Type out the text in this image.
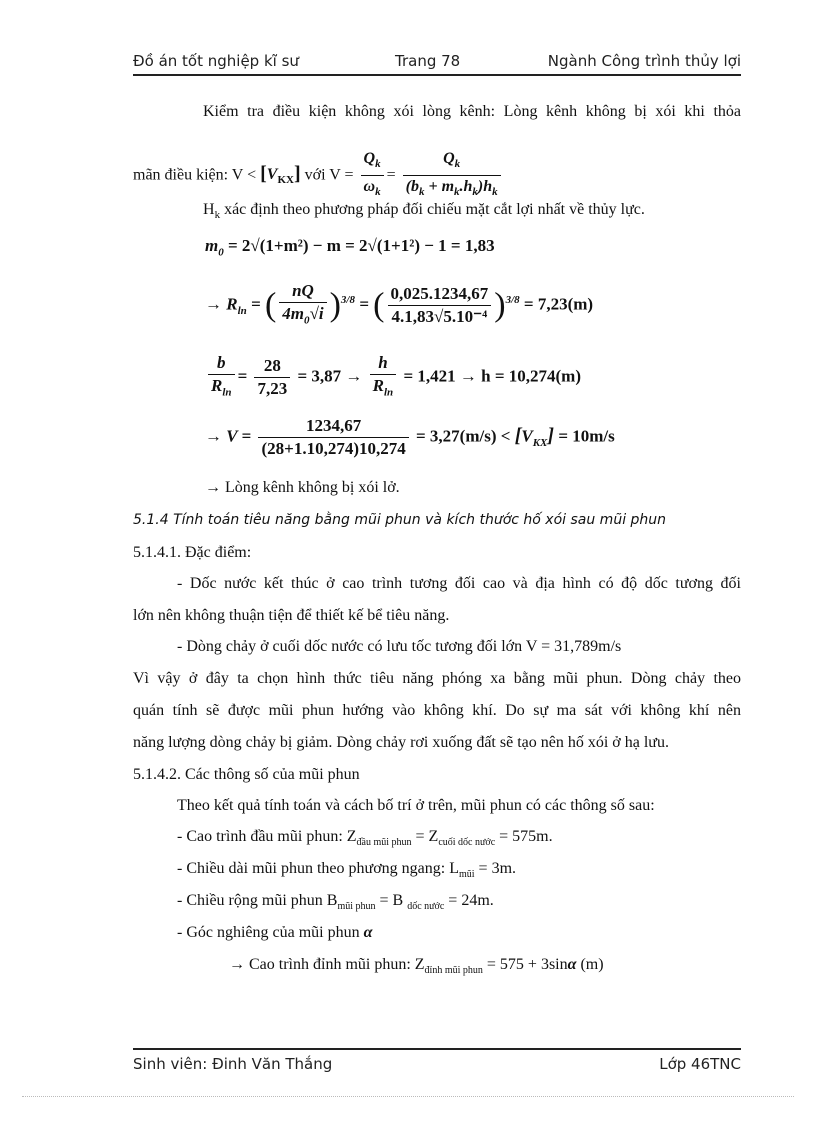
Đồ án tốt nghiệp kĩ sư	Trang 78	Ngành Công trình thủy lợi
Kiểm tra điều kiện không xói lòng kênh: Lòng kênh không bị xói khi thỏa
mãn điều kiện: $V < [V_{KX}]$ với $V = \frac{Q_k}{\omega_k} = \frac{Q_k}{(b_k + m_k.h_k)h_k}$
$H_k$ xác định theo phương pháp đối chiếu mặt cắt lợi nhất về thủy lực.
$m_0 = 2√(1+m^2) - m = 2√(1+1^2) - 1 = 1,83$
→ $R_{ln}$ = ( $\frac{nQ}{4m_0√i} )^{3/8}$ = ( $\frac{0,025.1234,67}{\text{4.1,83√5.10⁻⁴}} )^{3/8} = 7,23(m)$
$\frac{b}{R_{ln}} = \frac{28}{7,23} = 3,87 \to \frac{h}{R_{ln}} = 1,421 \to h = 10,274(m)$
→ $V = \frac{1234,67}{(28+1.10,274)10,274} = 3,27(m/s) < [V_{KX}] = 10m/s$
→ Lòng kênh không bị xói lở.
5.1.4 Tính toán tiêu năng bằng mũi phun và kích thước hố xói sau mũi phun
5.1.4.1. Đặc điểm:
- Dốc nước kết thúc ở cao trình tương đối cao và địa hình có độ dốc tương đối
lớn nên không thuận tiện để thiết kế bể tiêu năng.
- Dòng chảy ở cuối dốc nước có lưu tốc tương đối lớn V = 31,789m/s
Vì vậy ở đây ta chọn hình thức tiêu năng phóng xa bằng mũi phun. Dòng chảy theo
quán tính sẽ được mũi phun hướng vào không khí. Do sự ma sát với không khí nên
năng lượng dòng chảy bị giảm. Dòng chảy rơi xuống đất sẽ tạo nên hố xói ở hạ lưu.
5.1.4.2. Các thông số của mũi phun
Theo kết quả tính toán và cách bố trí ở trên, mũi phun có các thông số sau:
- Cao trình đầu mũi phun: $Z_{đầu mũi phun} = Z_{cuối dốc nước} = 575m$.
- Chiều dài mũi phun theo phương ngang: $L_{mũi} = 3m$.
- Chiều rộng mũi phun $B_{mũi phun} = B$ $_{dốc nước}$ = 24m.
- Góc nghiêng của mũi phun α
→ Cao trình đỉnh mũi phun: $Z_{đỉnh mũi phun} = 575 + 3\sin\alpha$ (m)
Sinh viên: Đinh Văn Thắng	Lớp 46TNC
